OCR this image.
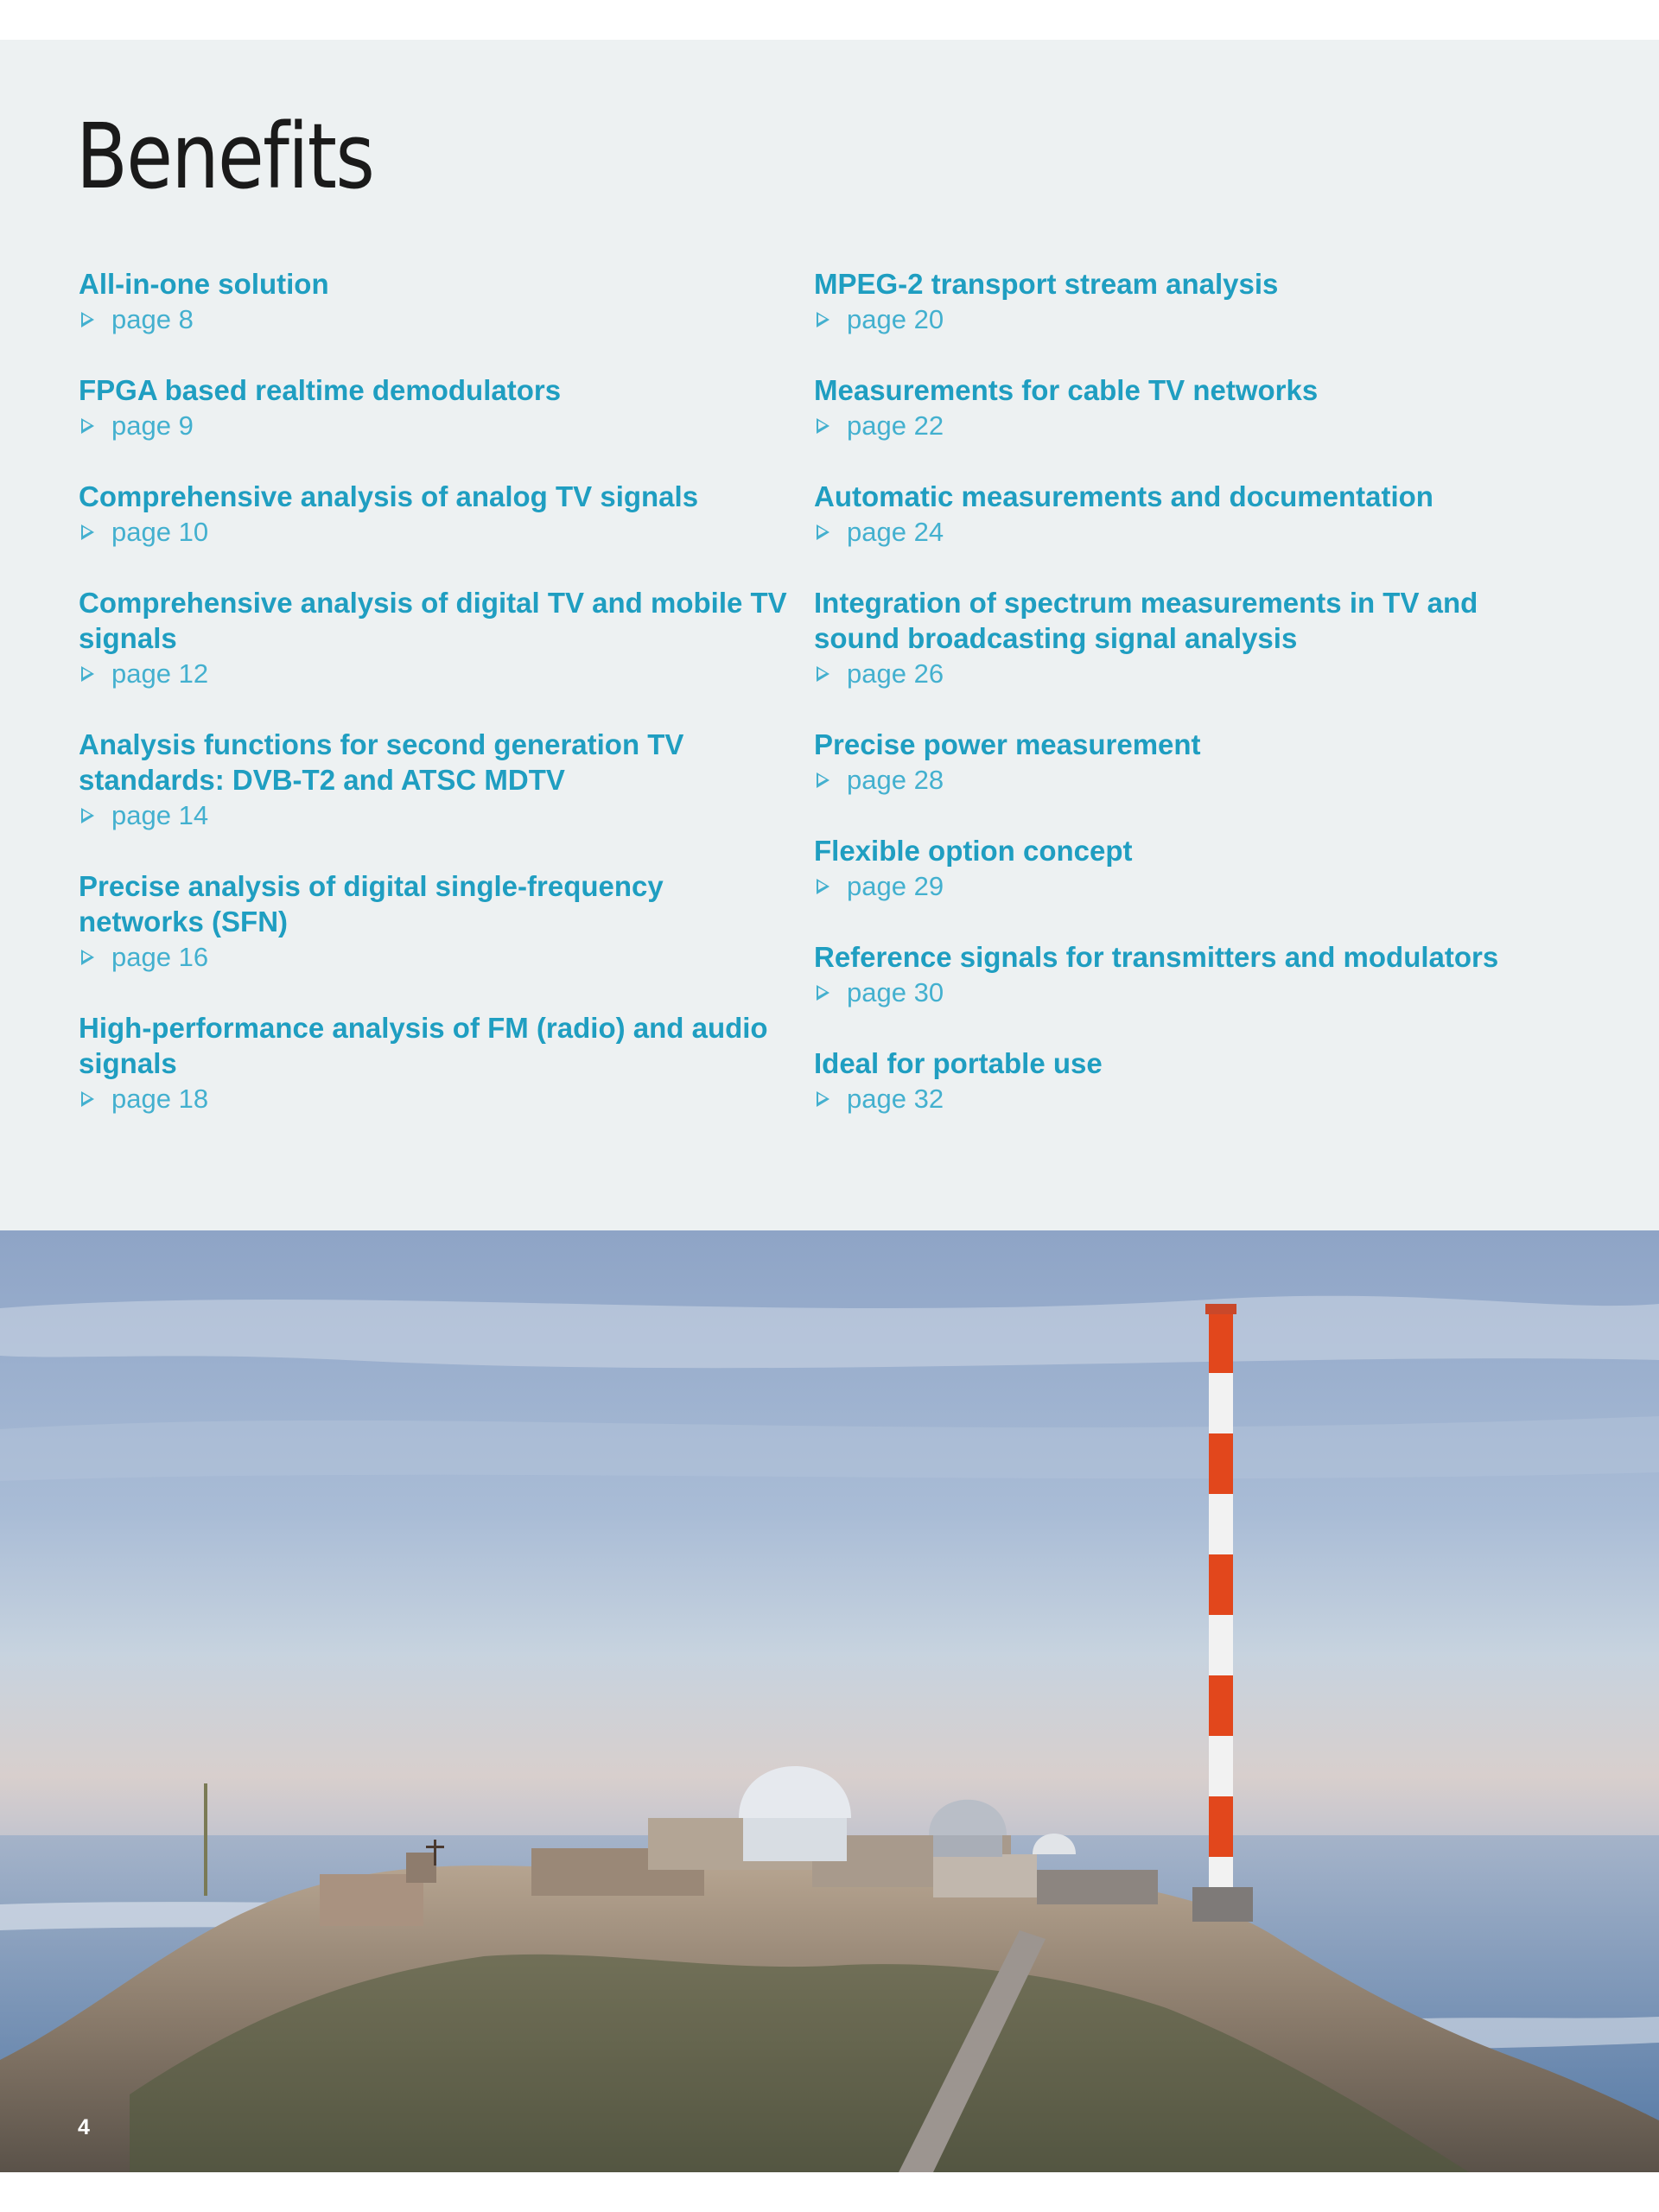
Benefits

All-in-one solution

page 8

FPGA based realtime demodulators

page 9

Comprehensive analysis of analog TV signals

page 10

Comprehensive analysis of digital TV and mobile TV signals

page 12

Analysis functions for second generation TV standards: DVB-T2 and ATSC MDTV

page 14

Precise analysis of digital single-frequency networks (SFN)

page 16

High-performance analysis of FM (radio) and audio signals

page 18

MPEG-2 transport stream analysis

page 20

Measurements for cable TV networks

page 22

Automatic measurements and documentation

page 24

Integration of spectrum measurements in TV and sound broadcasting signal analysis

page 26

Precise power measurement

page 28

Flexible option concept

page 29

Reference signals for transmitters and modulators

page 30

Ideal for portable use

page 32
4
